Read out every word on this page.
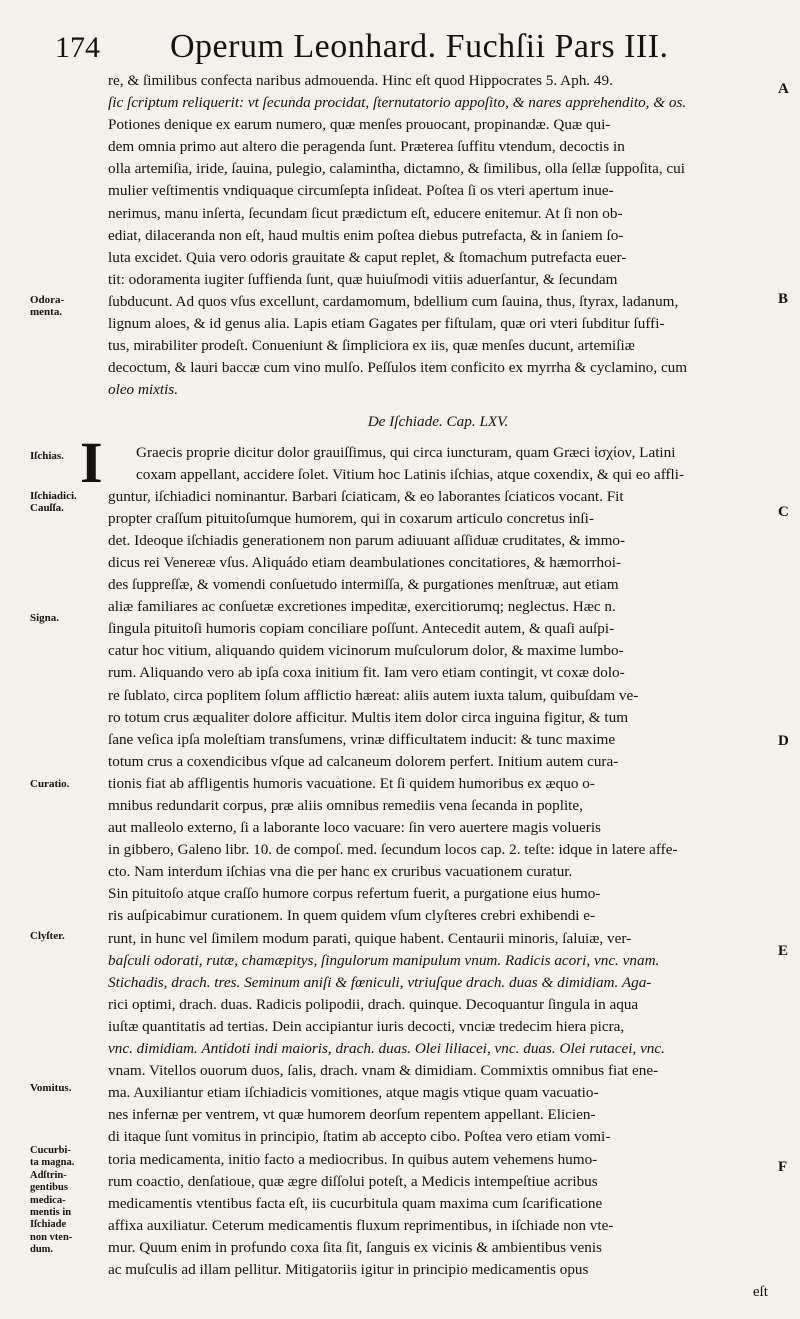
174 Operum Leonhard. Fuchſii Pars III.
A
B
C
D
E
F
Odora-
menta.
Iſchias.
Iſchiadici.
Cauſſa.
Signa.
Curatio.
Clyſter.
Vomitus.
Cucurbi-
ta magna.
Adſtrin-
gentibus
medica-
mentis in
Iſchiade
non vten-
dum.
I
re, & ſimilibus confecta naribus admouenda. Hinc eſt quod Hippocrates 5. Aph. 49.
ſic ſcriptum reliquerit: vt ſecunda procidat, ſternutatorio appoſito, & nares apprehendito, & os.
Potiones denique ex earum numero, quæ menſes prouocant, propinandæ. Quæ qui-
dem omnia primo aut altero die peragenda ſunt. Præterea ſuffitu vtendum, decoctis in
olla artemiſia, iride, ſauina, pulegio, calamintha, dictamno, & ſimilibus, olla ſellæ ſuppoſita, cui
mulier veſtimentis vndiquaque circumſepta inſideat. Poſtea ſi os vteri apertum inue-
nerimus, manu inſerta, ſecundam ſicut prædictum eſt, educere enitemur. At ſi non ob-
ediat, dilaceranda non eſt, haud multis enim poſtea diebus putrefacta, & in ſaniem ſo-
luta excidet. Quia vero odoris grauitate & caput replet, & ſtomachum putrefacta euer-
tit: odoramenta iugiter ſuffienda ſunt, quæ huiuſmodi vitiis aduerſantur, & ſecundam
ſubducunt. Ad quos vſus excellunt, cardamomum, bdellium cum ſauina, thus, ſtyrax, ladanum,
lignum aloes, & id genus alia. Lapis etiam Gagates per fiſtulam, quæ ori vteri ſubditur ſuffi-
tus, mirabiliter prodeſt. Conueniunt & ſimpliciora ex iis, quæ menſes ducunt, artemiſiæ
decoctum, & lauri baccæ cum vino mulſo. Peſſulos item conficito ex myrrha & cyclamino, cum
oleo mixtis.
De Iſchiade. Cap. LXV.
Graecis proprie dicitur dolor grauiſſimus, qui circa iuncturam, quam Græci ἰσχίον, Latini
coxam appellant, accidere ſolet. Vitium hoc Latinis iſchias, atque coxendix, & qui eo affli-
guntur, iſchiadici nominantur. Barbari ſciaticam, & eo laborantes ſciaticos vocant. Fit
propter craſſum pituitoſumque humorem, qui in coxarum articulo concretus inſi-
det. Ideoque iſchiadis generationem non parum adiuuant aſſiduæ cruditates, & immo-
dicus rei Venereæ vſus. Aliquádo etiam deambulationes concitatiores, & hæmorrhoi-
des ſuppreſſæ, & vomendi conſuetudo intermiſſa, & purgationes menſtruæ, aut etiam
aliæ familiares ac conſuetæ excretiones impeditæ, exercitiorumq; neglectus. Hæc n.
ſingula pituitoſi humoris copiam conciliare poſſunt. Antecedit autem, & quaſi auſpi-
catur hoc vitium, aliquando quidem vicinorum muſculorum dolor, & maxime lumbo-
rum. Aliquando vero ab ipſa coxa initium fit. Iam vero etiam contingit, vt coxæ dolo-
re ſublato, circa poplitem ſolum afflictio hæreat: aliis autem iuxta talum, quibuſdam ve-
ro totum crus æqualiter dolore afficitur. Multis item dolor circa inguina figitur, & tum
ſane veſica ipſa moleſtiam transſumens, vrinæ difficultatem inducit: & tunc maxime
totum crus a coxendicibus vſque ad calcaneum dolorem perfert. Initium autem cura-
tionis fiat ab affligentis humoris vacuatione. Et ſi quidem humoribus ex æquo o-
mnibus redundarit corpus, præ aliis omnibus remediis vena ſecanda in poplite,
aut malleolo externo, ſi a laborante loco vacuare: ſin vero auertere magis volueris
in gibbero, Galeno libr. 10. de compoſ. med. ſecundum locos cap. 2. teſte: idque in latere affe-
cto. Nam interdum iſchias vna die per hanc ex cruribus vacuationem curatur.
Sin pituitoſo atque craſſo humore corpus refertum fuerit, a purgatione eius humo-
ris auſpicabimur curationem. In quem quidem vſum clyſteres crebri exhibendi e-
runt, in hunc vel ſimilem modum parati, quique habent. Centaurii minoris, ſaluiæ, ver-
baſculi odorati, rutæ, chamæpitys, ſingulorum manipulum vnum. Radicis acori, vnc. vnam.
Stichadis, drach. tres. Seminum aniſi & fœniculi, vtriuſque drach. duas & dimidiam. Aga-
rici optimi, drach. duas. Radicis polipodii, drach. quinque. Decoquantur ſingula in aqua
iuſtæ quantitatis ad tertias. Dein accipiantur iuris decocti, vnciæ tredecim hiera picra,
vnc. dimidiam. Antidoti indi maioris, drach. duas. Olei liliacei, vnc. duas. Olei rutacei, vnc.
vnam. Vitellos ouorum duos, ſalis, drach. vnam & dimidiam. Commixtis omnibus fiat ene-
ma. Auxiliantur etiam iſchiadicis vomitiones, atque magis vtique quam vacuatio-
nes infernæ per ventrem, vt quæ humorem deorſum repentem appellant. Elicien-
di itaque ſunt vomitus in principio, ſtatim ab accepto cibo. Poſtea vero etiam vomi-
toria medicamenta, initio facto a mediocribus. In quibus autem vehemens humo-
rum coactio, denſatioue, quæ ægre diſſolui poteſt, a Medicis intempeſtiue acribus
medicamentis vtentibus facta eſt, iis cucurbitula quam maxima cum ſcarificatione
affixa auxiliatur. Ceterum medicamentis fluxum reprimentibus, in iſchiade non vte-
mur. Quum enim in profundo coxa ſita ſit, ſanguis ex vicinis & ambientibus venis
ac muſculis ad illam pellitur. Mitigatoriis igitur in principio medicamentis opus
eſt
